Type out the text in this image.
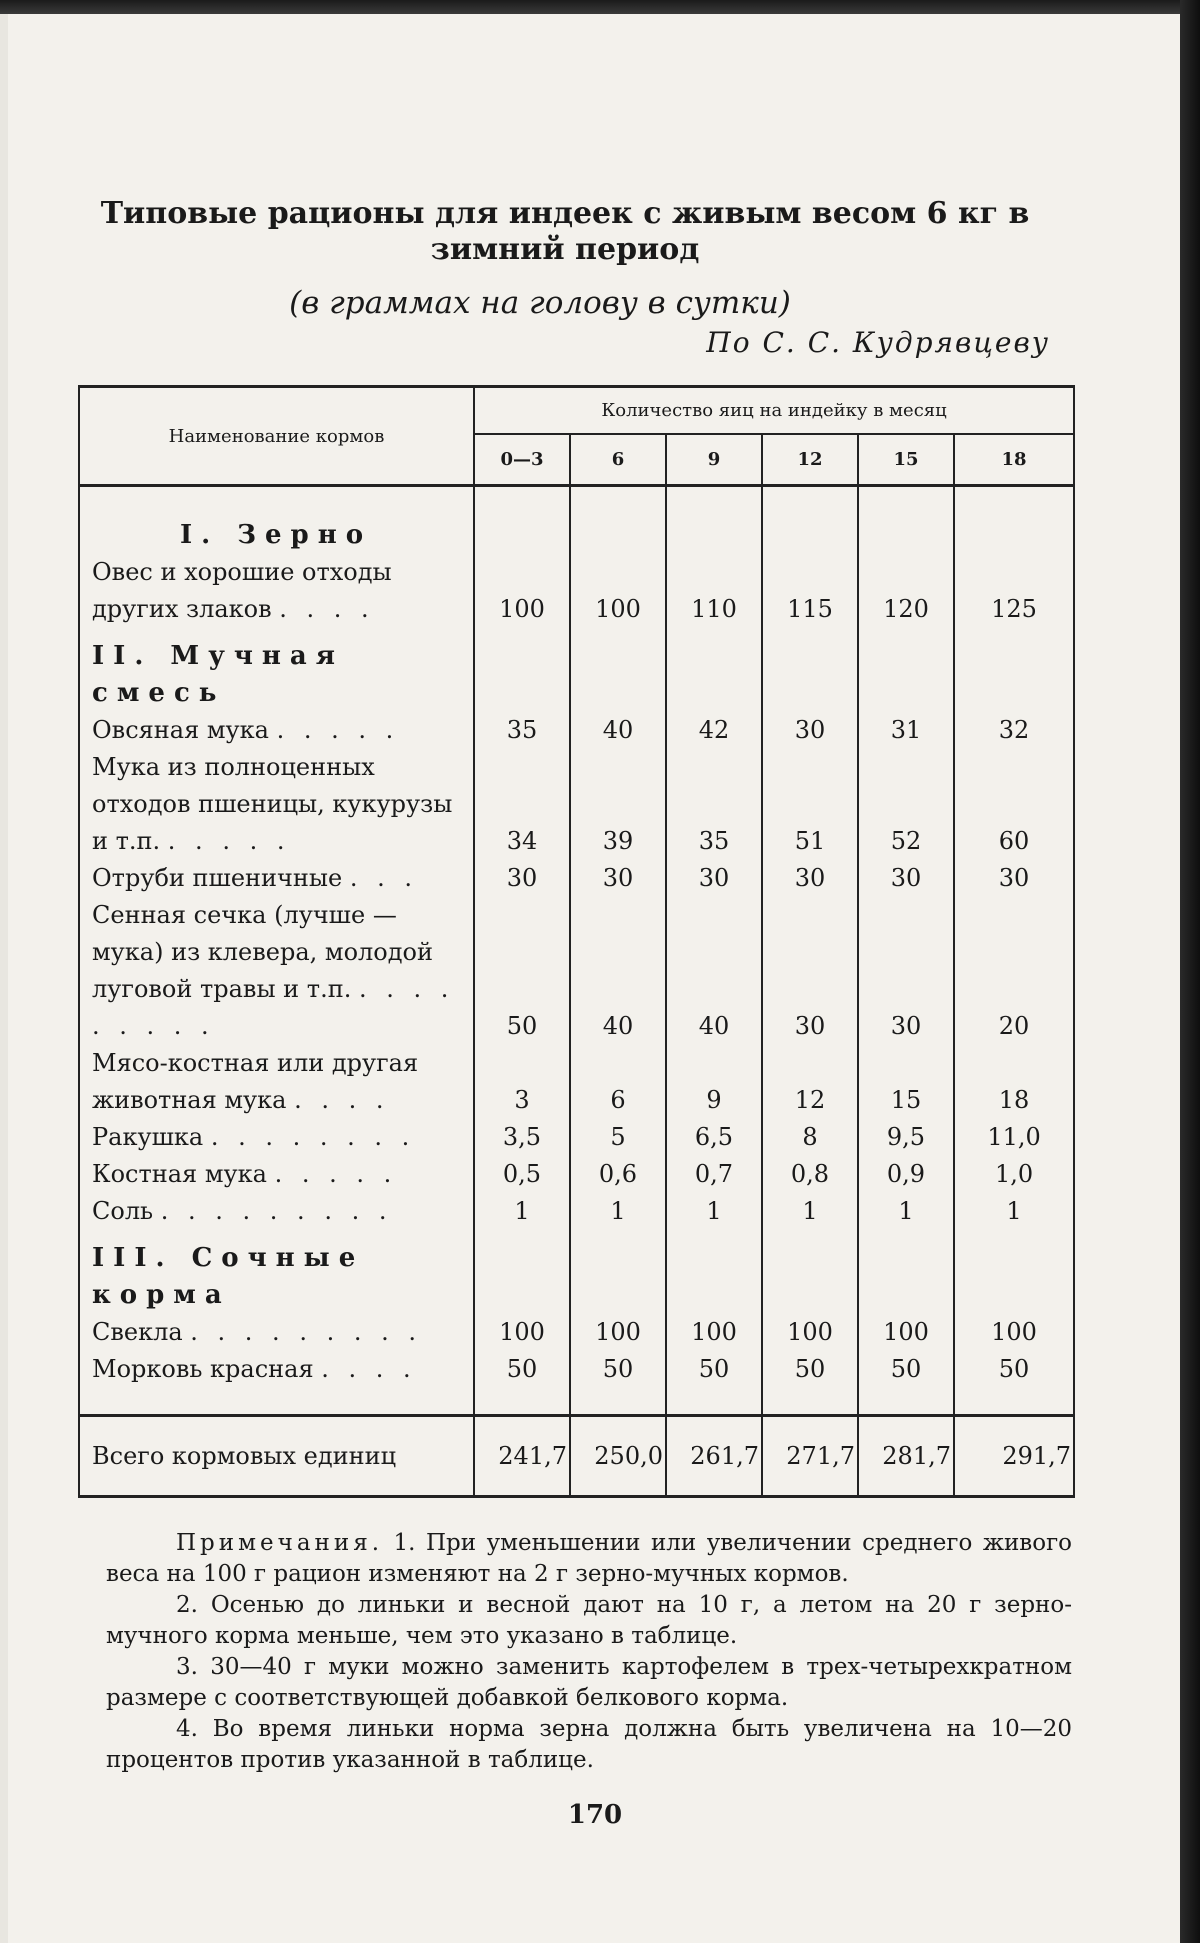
Типовые рационы для индеек с живым весом 6 кг в зимний период
(в граммах на голову в сутки)
По С. С. Кудрявцеву
Наименование кормов	Количество яиц на индейку в месяц					
	0—3	6	9	12	15	18
I. Зерно						
Овес и хорошие отходы других злаков . . . .	100	100	110	115	120	125
II. Мучная смесь						
Овсяная мука . . . . .	35	40	42	30	31	32
Мука из полноценных отходов пшеницы, кукурузы и т.п. . . . . .	34	39	35	51	52	60
Отруби пшеничные . . .	30	30	30	30	30	30
Сенная сечка (лучше — мука) из клевера, молодой луговой травы и т.п. . . . . . . . . .	50	40	40	30	30	20
Мясо-костная или другая животная мука . . . .	3	6	9	12	15	18
Ракушка . . . . . . . .	3,5	5	6,5	8	9,5	11,0
Костная мука . . . . .	0,5	0,6	0,7	0,8	0,9	1,0
Соль . . . . . . . . .	1	1	1	1	1	1
III. Сочные корма						
Свекла . . . . . . . . .	100	100	100	100	100	100
Морковь красная . . . .	50	50	50	50	50	50

Всего кормовых единиц	241,7	250,0	261,7	271,7	281,7	291,7

Примечания. 1. При уменьшении или увеличении среднего живого веса на 100 г рацион изменяют на 2 г зерно-мучных кормов.

2. Осенью до линьки и весной дают на 10 г, а летом на 20 г зерно-мучного корма меньше, чем это указано в таблице.

3. 30—40 г муки можно заменить картофелем в трех-четырехкратном размере с соответствующей добавкой белкового корма.

4. Во время линьки норма зерна должна быть увеличена на 10—20 процентов против указанной в таблице.

170
